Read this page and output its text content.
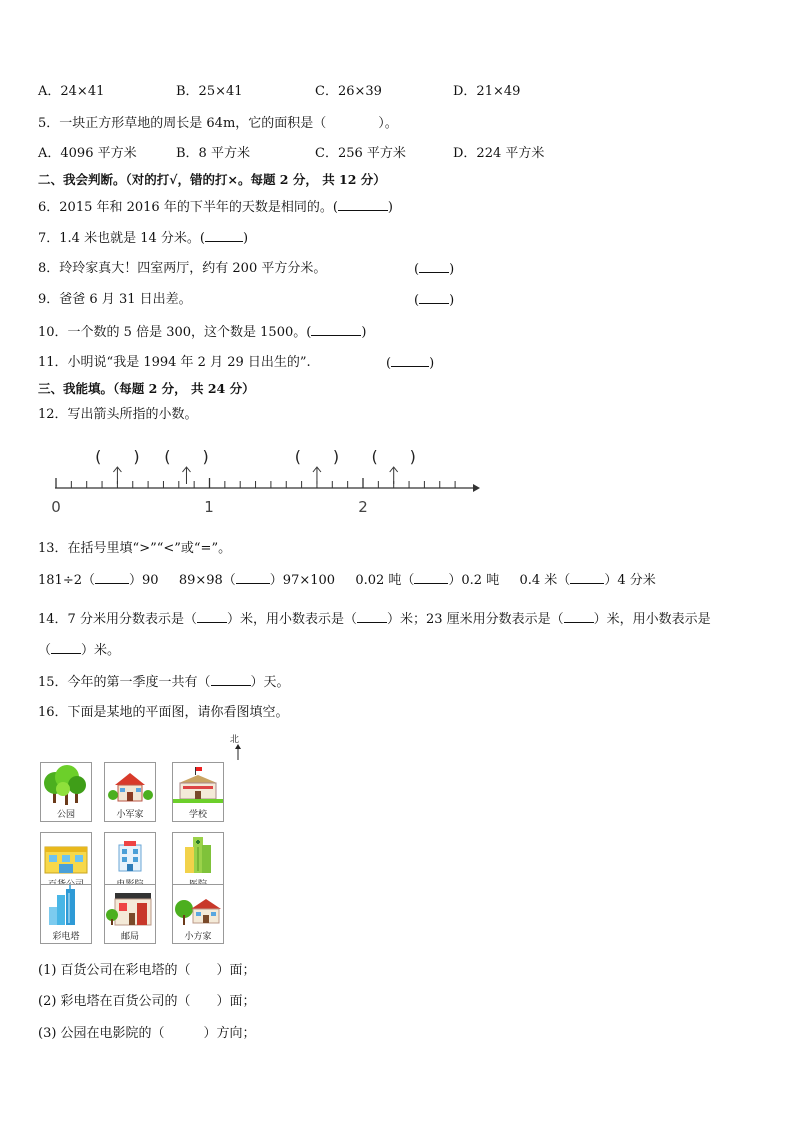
A．24×41	B．25×41	C．26×39	D．21×49
5．一块正方形草地的周长是 64m，它的面积是（　　　　）。
A．4096 平方米	B．8 平方米	C．256 平方米	D．224 平方米
二、我会判断。（对的打√，错的打×。每题 2 分， 共 12 分）
6．2015 年和 2016 年的下半年的天数是相同的。(	)
7．1.4 米也就是 14 分米。(	)
8．玲玲家真大！四室两厅，约有 200 平方分米。	( )
9．爸爸 6 月 31 日出差。	( )
10．一个数的 5 倍是 300，这个数是 1500。(	)
11．小明说“我是 1994 年 2 月 29 日出生的”.	(	)
三、我能填。（每题 2 分， 共 24 分）
12．写出箭头所指的小数。
(　　) (　　)	(　　) (　　)
0	1	2
13．在括号里填“>”“<”或“=”。
181÷2（	）90 89×98（	）97×100 0.02 吨（	）0.2 吨 0.4 米（	）4 分米
14．7 分米用分数表示是（ ）米，用小数表示是（ ）米；23 厘米用分数表示是（ ）米，用小数表示是
（ ）米。
15．今年的第一季度一共有（	）天。
16．下面是某地的平面图，请你看图填空。
北
公园	小军家	学校
彩电塔	邮局	小方家
(1) 百货公司在彩电塔的（　　）面；
(2) 彩电塔在百货公司的（　　）面；
(3) 公园在电影院的（　　　）方向；
